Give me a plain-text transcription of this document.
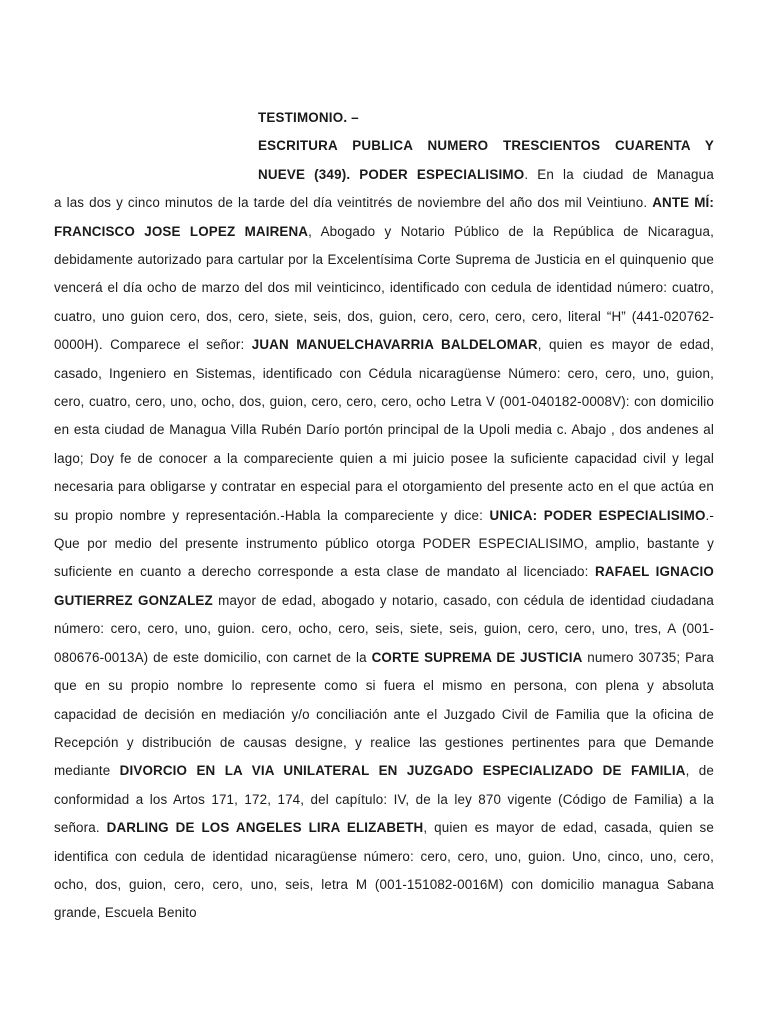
TESTIMONIO. –
ESCRITURA PUBLICA NUMERO TRESCIENTOS CUARENTA Y
NUEVE (349). PODER ESPECIALISIMO. En la ciudad de Managua
a las dos y cinco minutos de la tarde del día veintitrés de noviembre del año dos mil Veintiuno. ANTE MÍ: FRANCISCO JOSE LOPEZ MAIRENA, Abogado y Notario Público de la República de Nicaragua, debidamente autorizado para cartular por la Excelentísima Corte Suprema de Justicia en el quinquenio que vencerá el día ocho de marzo del dos mil veinticinco, identificado con cedula de identidad número: cuatro, cuatro, uno guion cero, dos, cero, siete, seis, dos, guion, cero, cero, cero, cero, literal “H” (441-020762-0000H). Comparece el señor: JUAN MANUELCHAVARRIA BALDELOMAR, quien es mayor de edad, casado, Ingeniero en Sistemas, identificado con Cédula nicaragüense Número: cero, cero, uno, guion, cero, cuatro, cero, uno, ocho, dos, guion, cero, cero, cero, ocho Letra V (001-040182-0008V): con domicilio en esta ciudad de Managua Villa Rubén Darío portón principal de la Upoli media c. Abajo , dos andenes al lago; Doy fe de conocer a la compareciente quien a mi juicio posee la suficiente capacidad civil y legal necesaria para obligarse y contratar en especial para el otorgamiento del presente acto en el que actúa en su propio nombre y representación.-Habla la compareciente y dice: UNICA: PODER ESPECIALISIMO.-Que por medio del presente instrumento público otorga PODER ESPECIALISIMO, amplio, bastante y suficiente en cuanto a derecho corresponde a esta clase de mandato al licenciado: RAFAEL IGNACIO GUTIERREZ GONZALEZ mayor de edad, abogado y notario, casado, con cédula de identidad ciudadana número: cero, cero, uno, guion. cero, ocho, cero, seis, siete, seis, guion, cero, cero, uno, tres, A (001-080676-0013A) de este domicilio, con carnet de la CORTE SUPREMA DE JUSTICIA numero 30735; Para que en su propio nombre lo represente como si fuera el mismo en persona, con plena y absoluta capacidad de decisión en mediación y/o conciliación ante el Juzgado Civil de Familia que la oficina de Recepción y distribución de causas designe, y realice las gestiones pertinentes para que Demande mediante DIVORCIO EN LA VIA UNILATERAL EN JUZGADO ESPECIALIZADO DE FAMILIA, de conformidad a los Artos 171, 172, 174, del capítulo: IV, de la ley 870 vigente (Código de Familia) a la señora. DARLING DE LOS ANGELES LIRA ELIZABETH, quien es mayor de edad, casada, quien se identifica con cedula de identidad nicaragüense número: cero, cero, uno, guion. Uno, cinco, uno, cero, ocho, dos, guion, cero, cero, uno, seis, letra M (001-151082-0016M) con domicilio managua Sabana grande, Escuela Benito
